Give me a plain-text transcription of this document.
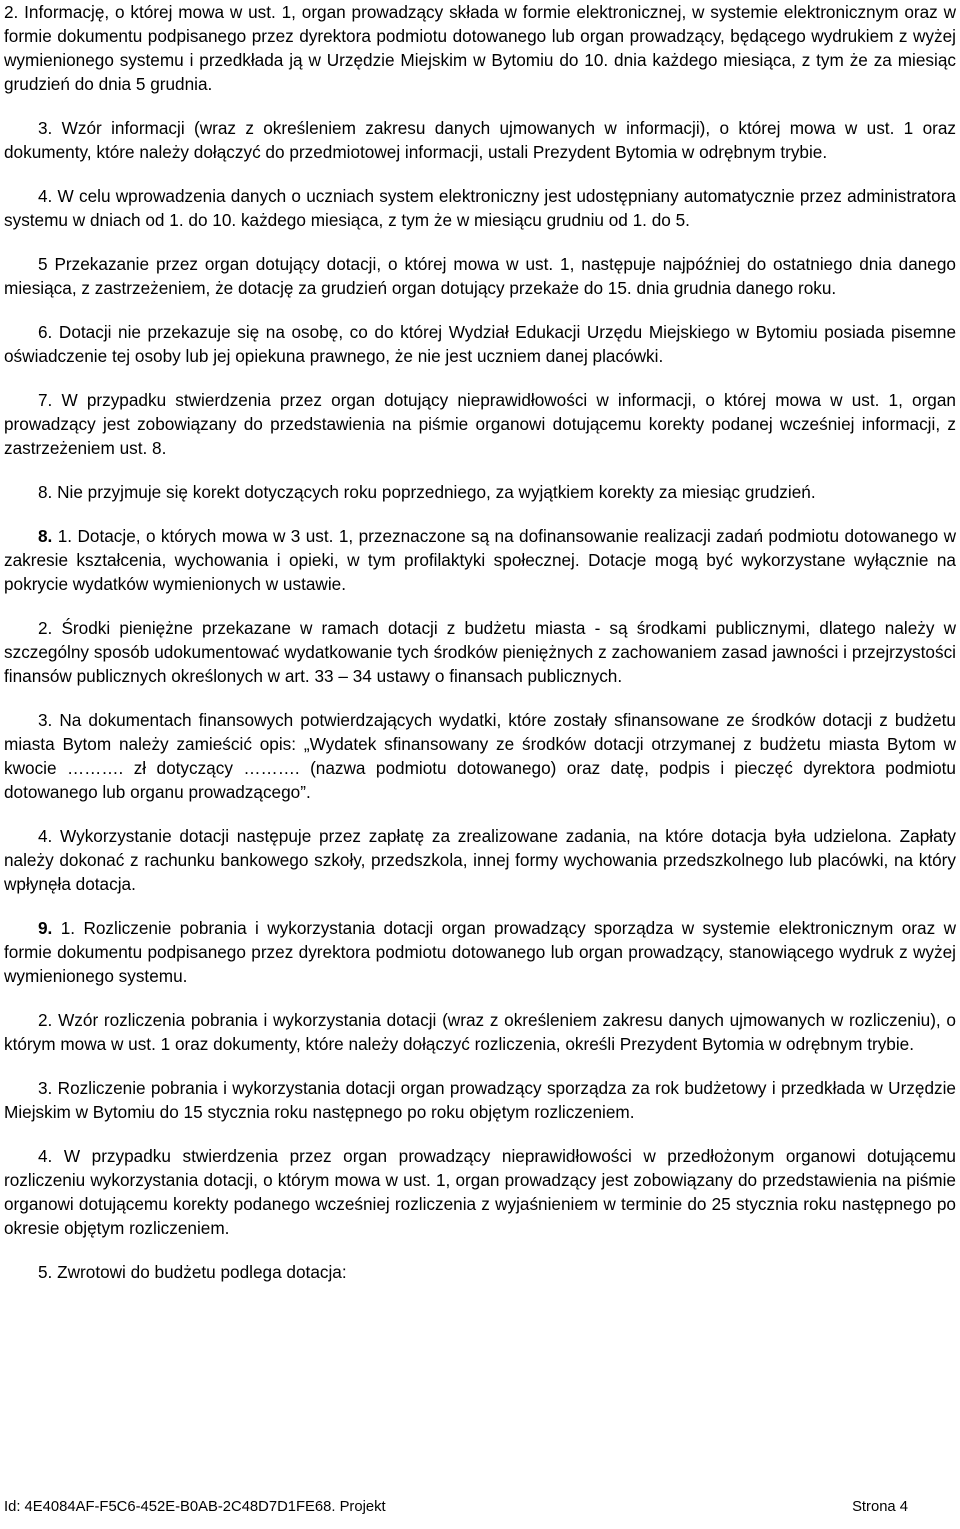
2. Informację, o której mowa w ust. 1, organ prowadzący składa w formie elektronicznej, w systemie elektronicznym oraz w formie dokumentu podpisanego przez dyrektora podmiotu dotowanego lub organ prowadzący, będącego wydrukiem z wyżej wymienionego systemu i przedkłada ją w Urzędzie Miejskim w Bytomiu do 10. dnia każdego miesiąca, z tym że za miesiąc grudzień do dnia 5 grudnia.

3. Wzór informacji (wraz z określeniem zakresu danych ujmowanych w informacji), o której mowa w ust. 1 oraz dokumenty, które należy dołączyć do przedmiotowej informacji, ustali Prezydent Bytomia w odrębnym trybie.

4. W celu wprowadzenia danych o uczniach system elektroniczny jest udostępniany automatycznie przez administratora systemu w dniach od 1. do 10. każdego miesiąca, z tym że w miesiącu grudniu od 1. do 5.

5 Przekazanie przez organ dotujący dotacji, o której mowa w ust. 1, następuje najpóźniej do ostatniego dnia danego miesiąca, z zastrzeżeniem, że dotację za grudzień organ dotujący przekaże do 15. dnia grudnia danego roku.

6. Dotacji nie przekazuje się na osobę, co do której Wydział Edukacji Urzędu Miejskiego w Bytomiu posiada pisemne oświadczenie tej osoby lub jej opiekuna prawnego, że nie jest uczniem danej placówki.

7. W przypadku stwierdzenia przez organ dotujący nieprawidłowości w informacji, o której mowa w ust. 1, organ prowadzący jest zobowiązany do przedstawienia na piśmie organowi dotującemu korekty podanej wcześniej informacji, z zastrzeżeniem ust. 8.

8. Nie przyjmuje się korekt dotyczących roku poprzedniego, za wyjątkiem korekty za miesiąc grudzień.

8. 1. Dotacje, o których mowa w 3 ust. 1, przeznaczone są na dofinansowanie realizacji zadań podmiotu dotowanego w zakresie kształcenia, wychowania i opieki, w tym profilaktyki społecznej. Dotacje mogą być wykorzystane wyłącznie na pokrycie wydatków wymienionych w ustawie.

2. Środki pieniężne przekazane w ramach dotacji z budżetu miasta - są środkami publicznymi, dlatego należy w szczególny sposób udokumentować wydatkowanie tych środków pieniężnych z zachowaniem zasad jawności i przejrzystości finansów publicznych określonych w art. 33 – 34 ustawy o finansach publicznych.

3. Na dokumentach finansowych potwierdzających wydatki, które zostały sfinansowane ze środków dotacji z budżetu miasta Bytom należy zamieścić opis: „Wydatek sfinansowany ze środków dotacji otrzymanej z budżetu miasta Bytom w kwocie ………. zł dotyczący ………. (nazwa podmiotu dotowanego) oraz datę, podpis i pieczęć dyrektora podmiotu dotowanego lub organu prowadzącego”.

4. Wykorzystanie dotacji następuje przez zapłatę za zrealizowane zadania, na które dotacja była udzielona. Zapłaty należy dokonać z rachunku bankowego szkoły, przedszkola, innej formy wychowania przedszkolnego lub placówki, na który wpłynęła dotacja.

9. 1. Rozliczenie pobrania i wykorzystania dotacji organ prowadzący sporządza w systemie elektronicznym oraz w formie dokumentu podpisanego przez dyrektora podmiotu dotowanego lub organ prowadzący, stanowiącego wydruk z wyżej wymienionego systemu.

2. Wzór rozliczenia pobrania i wykorzystania dotacji (wraz z określeniem zakresu danych ujmowanych w rozliczeniu), o którym mowa w ust. 1 oraz dokumenty, które należy dołączyć rozliczenia, określi Prezydent Bytomia w odrębnym trybie.

3. Rozliczenie pobrania i wykorzystania dotacji organ prowadzący sporządza za rok budżetowy i przedkłada w Urzędzie Miejskim w Bytomiu do 15 stycznia roku następnego po roku objętym rozliczeniem.

4. W przypadku stwierdzenia przez organ prowadzący nieprawidłowości w przedłożonym organowi dotującemu rozliczeniu wykorzystania dotacji, o którym mowa w ust. 1, organ prowadzący jest zobowiązany do przedstawienia na piśmie organowi dotującemu korekty podanego wcześniej rozliczenia z wyjaśnieniem w terminie do 25 stycznia roku następnego po okresie objętym rozliczeniem.

5. Zwrotowi do budżetu podlega dotacja:

Id: 4E4084AF-F5C6-452E-B0AB-2C48D7D1FE68. Projekt	Strona 4
